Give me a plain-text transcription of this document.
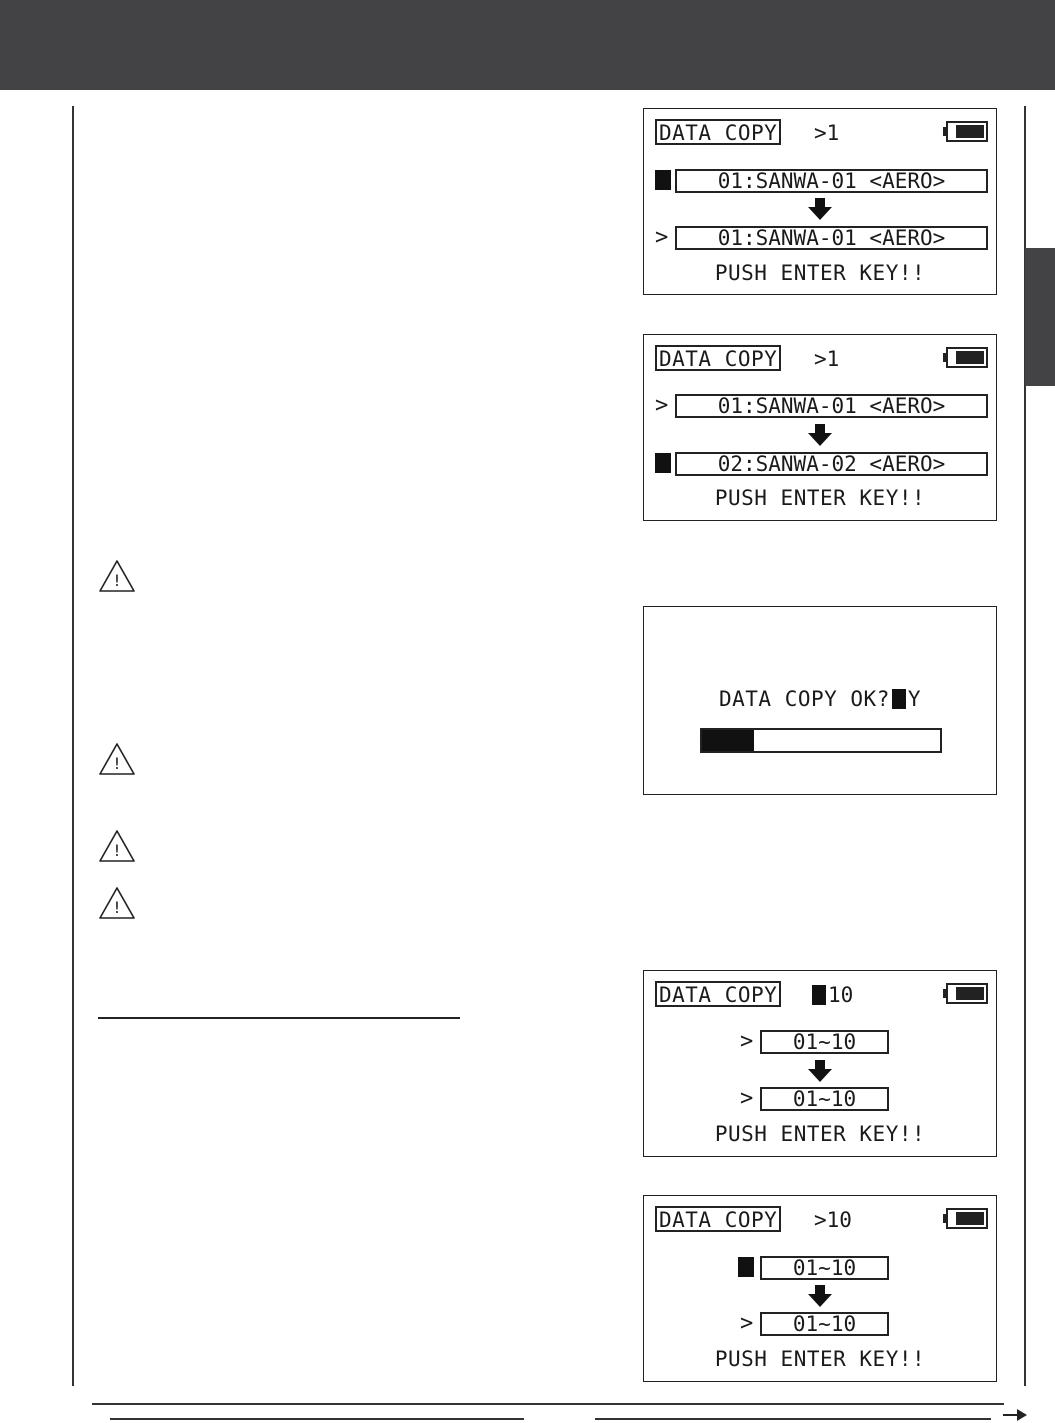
!
!
!
!
DATA COPY >1
01:SANWA-01 <AERO>
>	01:SANWA-01 <AERO>
PUSH ENTER KEY!!
DATA COPY >1
>	01:SANWA-01 <AERO>
02:SANWA-02 <AERO>
PUSH ENTER KEY!!
DATA COPY OK? Y
DATA COPY 10
>	01~10
>	01~10
PUSH ENTER KEY!!
DATA COPY >10
01~10
>	01~10
PUSH ENTER KEY!!
